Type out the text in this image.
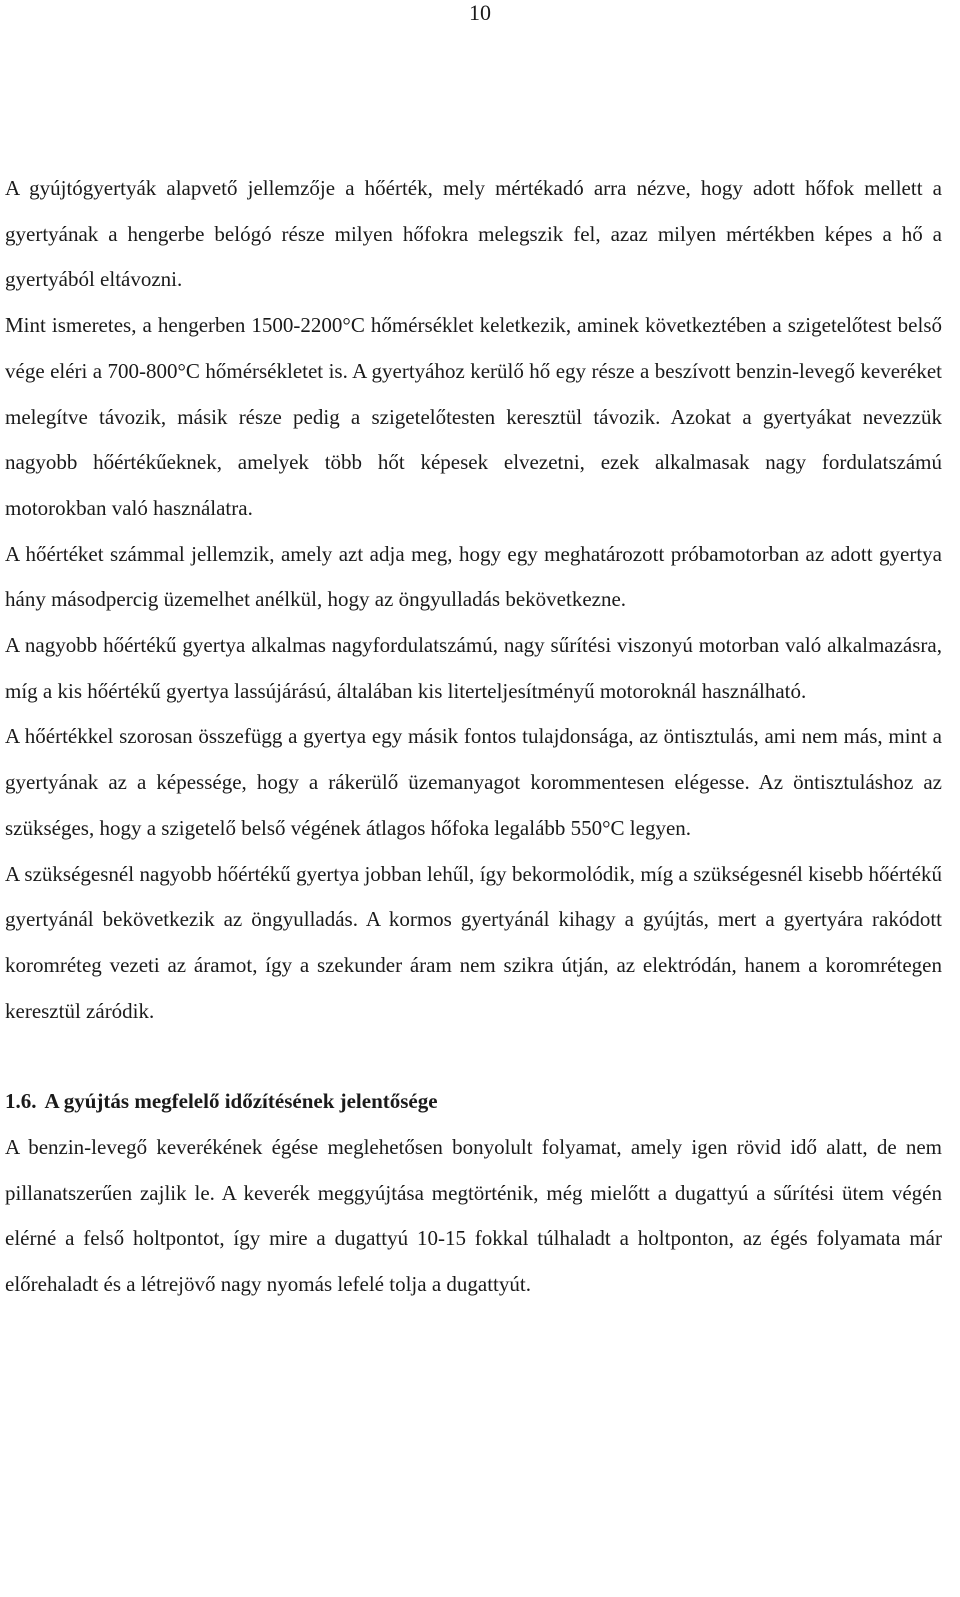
10

A gyújtógyertyák alapvető jellemzője a hőérték, mely mértékadó arra nézve, hogy adott hőfok mellett a gyertyának a hengerbe belógó része milyen hőfokra melegszik fel, azaz milyen mértékben képes a hő a gyertyából eltávozni.

Mint ismeretes, a hengerben 1500-2200°C hőmérséklet keletkezik, aminek következtében a szigetelőtest belső vége eléri a 700-800°C hőmérsékletet is. A gyertyához kerülő hő egy része a beszívott benzin-levegő keveréket melegítve távozik, másik része pedig a szigetelőtesten keresztül távozik. Azokat a gyertyákat nevezzük nagyobb hőértékűeknek, amelyek több hőt képesek elvezetni, ezek alkalmasak nagy fordulatszámú motorokban való használatra.

A hőértéket számmal jellemzik, amely azt adja meg, hogy egy meghatározott próbamotorban az adott gyertya hány másodpercig üzemelhet anélkül, hogy az öngyulladás bekövetkezne.

A nagyobb hőértékű gyertya alkalmas nagyfordulatszámú, nagy sűrítési viszonyú motorban való alkalmazásra, míg a kis hőértékű gyertya lassújárású, általában kis literteljesítményű motoroknál használható.

A hőértékkel szorosan összefügg a gyertya egy másik fontos tulajdonsága, az öntisztulás, ami nem más, mint a gyertyának az a képessége, hogy a rákerülő üzemanyagot korommentesen elégesse. Az öntisztuláshoz az szükséges, hogy a szigetelő belső végének átlagos hőfoka legalább 550°C legyen.

A szükségesnél nagyobb hőértékű gyertya jobban lehűl, így bekormolódik, míg a szükségesnél kisebb hőértékű gyertyánál bekövetkezik az öngyulladás. A kormos gyertyánál kihagy a gyújtás, mert a gyertyára rakódott koromréteg vezeti az áramot, így a szekunder áram nem szikra útján, az elektródán, hanem a koromrétegen keresztül záródik.

1.6. A gyújtás megfelelő időzítésének jelentősége

A benzin-levegő keverékének égése meglehetősen bonyolult folyamat, amely igen rövid idő alatt, de nem pillanatszerűen zajlik le. A keverék meggyújtása megtörténik, még mielőtt a dugattyú a sűrítési ütem végén elérné a felső holtpontot, így mire a dugattyú 10-15 fokkal túlhaladt a holtponton, az égés folyamata már előrehaladt és a létrejövő nagy nyomás lefelé tolja a dugattyút.
